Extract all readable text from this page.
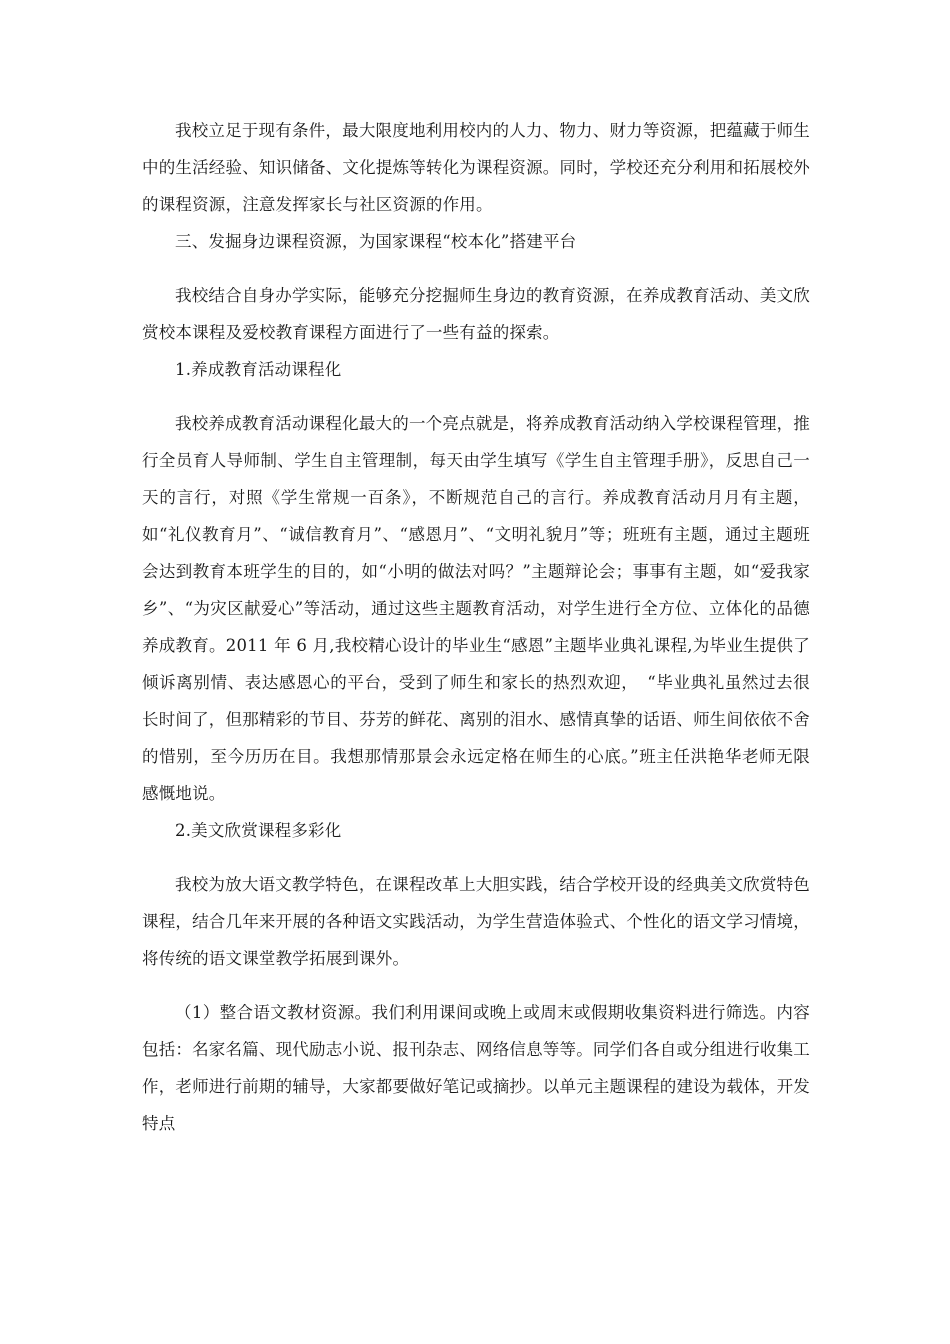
我校立足于现有条件，最大限度地利用校内的人力、物力、财力等资源，把蕴藏于师生中的生活经验、知识储备、文化提炼等转化为课程资源。同时，学校还充分利用和拓展校外的课程资源，注意发挥家长与社区资源的作用。

三、发掘身边课程资源，为国家课程“校本化”搭建平台

我校结合自身办学实际，能够充分挖掘师生身边的教育资源，在养成教育活动、美文欣赏校本课程及爱校教育课程方面进行了一些有益的探索。

1.养成教育活动课程化

我校养成教育活动课程化最大的一个亮点就是，将养成教育活动纳入学校课程管理，推行全员育人导师制、学生自主管理制，每天由学生填写《学生自主管理手册》，反思自己一天的言行，对照《学生常规一百条》，不断规范自己的言行。养成教育活动月月有主题，如“礼仪教育月”、“诚信教育月”、“感恩月”、“文明礼貌月”等；班班有主题，通过主题班会达到教育本班学生的目的，如“小明的做法对吗？”主题辩论会；事事有主题，如“爱我家乡”、“为灾区献爱心”等活动，通过这些主题教育活动，对学生进行全方位、立体化的品德养成教育。2011 年 6 月,我校精心设计的毕业生“感恩”主题毕业典礼课程,为毕业生提供了倾诉离别情、表达感恩心的平台，受到了师生和家长的热烈欢迎，　“毕业典礼虽然过去很长时间了，但那精彩的节目、芬芳的鲜花、离别的泪水、感情真挚的话语、师生间依依不舍的惜别，至今历历在目。我想那情那景会永远定格在师生的心底。”班主任洪艳华老师无限感慨地说。

2.美文欣赏课程多彩化

我校为放大语文教学特色，在课程改革上大胆实践，结合学校开设的经典美文欣赏特色课程，结合几年来开展的各种语文实践活动，为学生营造体验式、个性化的语文学习情境，将传统的语文课堂教学拓展到课外。

（1）整合语文教材资源。我们利用课间或晚上或周末或假期收集资料进行筛选。内容包括：名家名篇、现代励志小说、报刊杂志、网络信息等等。同学们各自或分组进行收集工作，老师进行前期的辅导，大家都要做好笔记或摘抄。以单元主题课程的建设为载体，开发特点
